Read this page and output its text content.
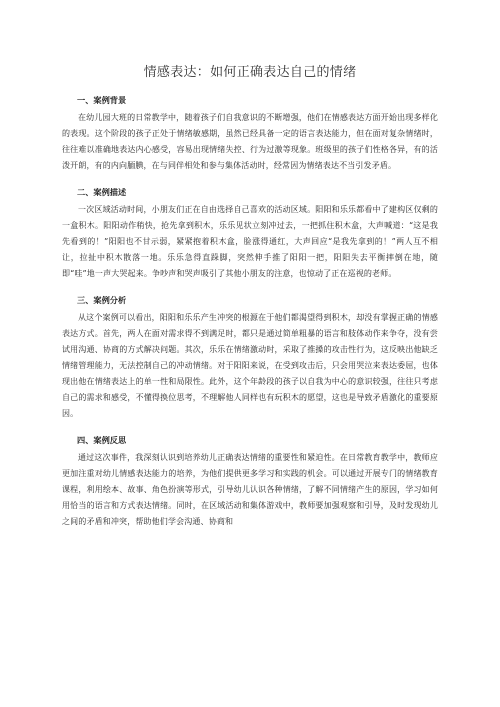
情感表达：如何正确表达自己的情绪
一、案例背景

在幼儿园大班的日常教学中，随着孩子们自我意识的不断增强，他们在情感表达方面开始出现多样化的表现。这个阶段的孩子正处于情绪敏感期，虽然已经具备一定的语言表达能力，但在面对复杂情绪时，往往难以准确地表达内心感受，容易出现情绪失控、行为过激等现象。班级里的孩子们性格各异，有的活泼开朗，有的内向腼腆，在与同伴相处和参与集体活动时，经常因为情绪表达不当引发矛盾。

二、案例描述

一次区域活动时间，小朋友们正在自由选择自己喜欢的活动区域。阳阳和乐乐都看中了建构区仅剩的一盒积木。阳阳动作稍快，抢先拿到积木，乐乐见状立刻冲过去，一把抓住积木盒，大声喊道：“这是我先看到的！”阳阳也不甘示弱，紧紧抱着积木盒，脸涨得通红，大声回应“是我先拿到的！”两人互不相让，拉扯中积木散落一地。乐乐急得直跺脚，突然伸手推了阳阳一把，阳阳失去平衡摔倒在地，随即“哇”地一声大哭起来。争吵声和哭声吸引了其他小朋友的注意，也惊动了正在巡视的老师。

三、案例分析

从这个案例可以看出，阳阳和乐乐产生冲突的根源在于他们都渴望得到积木，却没有掌握正确的情感表达方式。首先，两人在面对需求得不到满足时，都只是通过简单粗暴的语言和肢体动作来争夺，没有尝试用沟通、协商的方式解决问题。其次，乐乐在情绪激动时，采取了推搡的攻击性行为，这反映出他缺乏情绪管理能力，无法控制自己的冲动情绪。对于阳阳来说，在受到攻击后，只会用哭泣来表达委屈，也体现出他在情绪表达上的单一性和局限性。此外，这个年龄段的孩子以自我为中心的意识较强，往往只考虑自己的需求和感受，不懂得换位思考，不理解他人同样也有玩积木的愿望，这也是导致矛盾激化的重要原因。

四、案例反思

通过这次事件，我深刻认识到培养幼儿正确表达情绪的重要性和紧迫性。在日常教育教学中，教师应更加注重对幼儿情感表达能力的培养，为他们提供更多学习和实践的机会。可以通过开展专门的情绪教育课程，利用绘本、故事、角色扮演等形式，引导幼儿认识各种情绪，了解不同情绪产生的原因，学习如何用恰当的语言和方式表达情绪。同时，在区域活动和集体游戏中，教师要加强观察和引导，及时发现幼儿之间的矛盾和冲突，帮助他们学会沟通、协商和
